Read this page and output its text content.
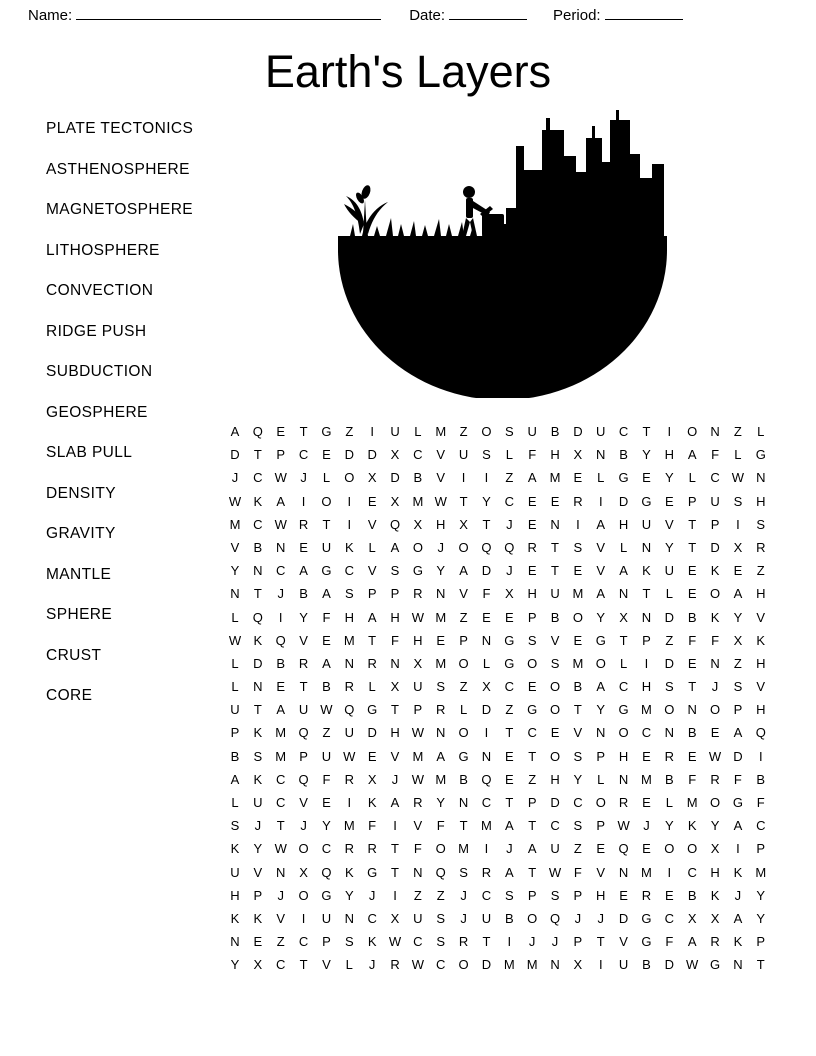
Name:	Date:	Period:
Earth's Layers
PLATE TECTONICS
ASTHENOSPHERE
MAGNETOSPHERE
LITHOSPHERE
CONVECTION
RIDGE PUSH
SUBDUCTION
GEOSPHERE
SLAB PULL
DENSITY
GRAVITY
MANTLE
SPHERE
CRUST
CORE
A Q E T G Z	I	U L M Z O S U B D U C T	I	O N Z L
D T P C E D D X C V U S L F H X N B Y H A F L G
J C W J L O X D B V	I	I	Z A M E L G E Y L C W N
W K A	I	O	I	E X M W T Y C E E R	I	D G E P U S H
M C W R T	I	V Q X H X T J E N	I	A H U V T P	I	S
V B N E U K L A O J O Q Q R T S V L N Y T D X R
Y N C A G C V S G Y A D J E T E V A K U E K E Z
N T J B A S P P R N V F X H U M A N T L E O A H
L Q	I	Y F H A H W M Z E E P B O Y X N D B K Y V
W K Q V E M T F H E P N G S V E G T P Z F F X K
L D B R A N R N X M O L G O S M O L	I	D E N Z H
L N E T B R L X U S Z X C E O B A C H S T J S V
U T A U W Q G T P R L D Z G O T Y G M O N O P H
P K M Q Z U D H W N O	I	T C E V N O C N B E A Q
B S M P U W E V M A G N E T O S P H E R E W D	I
A K C Q F R X J W M B Q E Z H Y L N M B F R F B
L U C V E	I	K A R Y N C T P D C O R E L M O G F
S J T J Y M F	I	V F T M A T C S P W J Y K Y A C
K Y W O C R R T F O M	I	J A U Z E Q E O O X	I	P
U V N X Q K G T N Q S R A T W F V N M	I	C H K M
H P J O G Y J	I	Z Z J C S P S P H E R E B K J Y
K K V	I	U N C X U S J U B O Q J J D G C X X A Y
N E Z C P S K W C S R T	I	J J P T V G F A R K P
Y X C T V L J R W C O D M M N X	I	U B D W G N T
